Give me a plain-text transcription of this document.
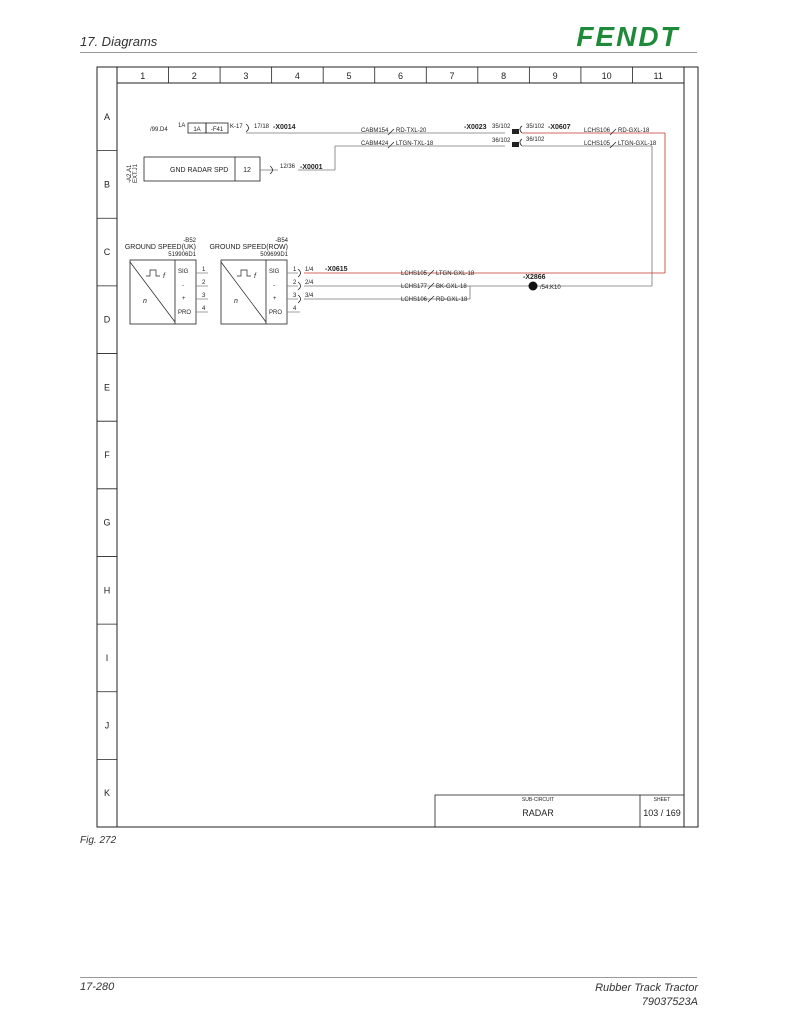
17. Diagrams	FENDT
1	2	3	4	5	6	7	8	9	10	11
A
B
C
D
E
F
G
H
I
J
K
/99.D4
1A
1A -F41 K-17 17/18 -X0014	CABM154 RD-TXL-20	-X0023 35/102	35/102 -X0607 LCHS106 RD-GXL-18
CABM424 LTGN-TXL-18	36/102	36/102
LCHS105 LTGN-GXL-18
-A2.A1 EXT.J1	GND RADAR SPD 12	12/36 -X0001
-B52
GROUND SPEED(UK)
519906D1
f
n
SIG
-
+
PRO
1
2
3
4
-B54
GROUND SPEED(ROW)
509699D1
f
n
SIG
-
+
PRO
1
2
3
4
1/4
2/4
3/4
-X0615
LCHS105 LTGN-GXL-18
LCHS177 BK-GXL-18
LCHS106 RD-GXL-18
-X2866
/54.K10
SUB-CIRCUIT
RADAR
SHEET
103 / 169
Fig. 272
17-280	Rubber Track Tractor
79037523A
